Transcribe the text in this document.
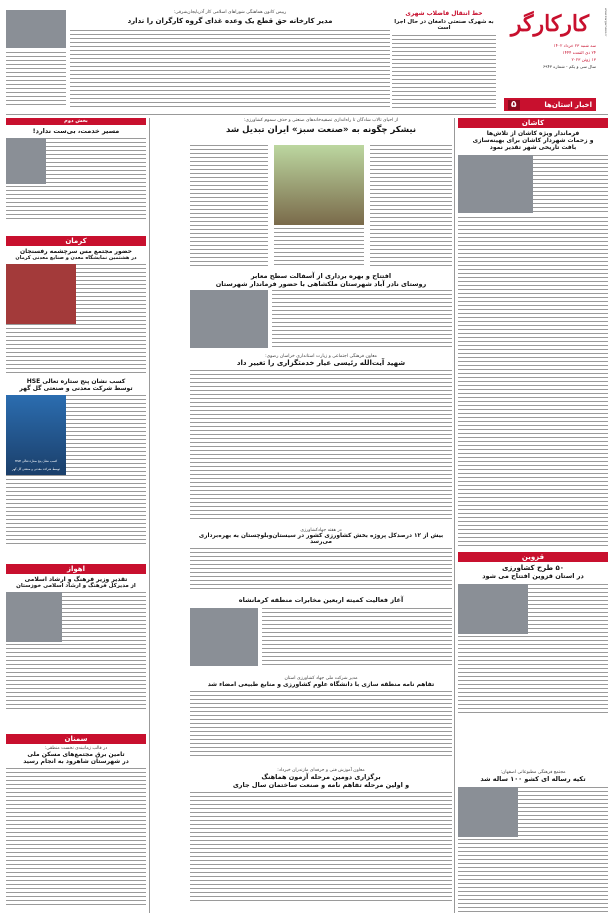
www.kargarnews.ir
کارکارگر
سه شنبه ۲۳ خرداد ۱۴۰۲
۲۴ ذی القعده ۱۴۴۴
۱۳ ژوئن ۲۰۲۳
سال سی و یکم - شماره ۶۹۴۳
اخبار استان‌ها
۵
خط انتقال فاضلاب شهری
به شهرک صنعتی دامغان در حال اجرا است
رییس کانون هماهنگی شوراهای اسلامی کار آذربایجان‌شرقی:
مدیر کارخانه حق قطع یک وعده غذای گروه کارگران را ندارد
کاشان
فرماندار ویژه کاشان از تلاش‌ها
و زحمات شهردار کاشان برای بهینه‌سازی
بافت تاریخی شهر تقدیر نمود
قزوین
۵۰ طرح کشاورزی
در استان قزوین افتتاح می شود
مجتمع فرهنگی مطبوعاتی اصفهان:
تکیه رساله ای کشو ۱۰۰ ساله شد
از احیای تالاب شادگان تا راه‌اندازی تصفیه‌خانه‌های صنعتی و حذف سموم کشاورزی:
نیشکر چگونه به «صنعت سبز» ایران تبدیل شد
افتتاح و بهره برداری از آسفالت سطح معابر
روستای نادر آباد شهرستان ملکشاهی با حضور فرماندار شهرستان
معاون فرهنگی اجتماعی و زیارت استانداری خراسان رضوی:
شهید آیت‌الله رئیسی عیار خدمتگزاری را تغییر داد
در هفته جهادکشاورزی
بیش از ۱۲ درصدکل پروژه بخش کشاورزی کشور در سیستان‌وبلوچستان به بهره‌برداری می‌رسد
آغاز فعالیت کمیته اربعین مخابرات منطقه کرمانشاه
مدیر شرکت ملی جهاد کشاورزی استان
تفاهم نامه منطقه سازی با دانشگاه علوم کشاورزی و منابع طبیعی امضاء شد
معاون آموزش فنی و حرفه‌ای مازندران خبرداد:
برگزاری دومین مرحله آزمون هماهنگ
و اولین مرحله تفاهم نامه و صنعت ساختمان سال جاری
بخش دوم
مسیر خدمت، بی‌ست ندارد!
کرمان
حضور مجتمع مس سرچشمه رفسنجان
در هشتمین نمایشگاه معدن و صنایع معدنی کرمان
کسب نشان پنج ستاره تعالی HSE
توسط شرکت معدنی و صنعتی گل گهر
کسب نشان پنج ستاره تعالی HSE
توسط شرکت معدنی و صنعتی گل گهر
اهواز
تقدیر وزیر فرهنگ و ارشاد اسلامی
از مدیرکل فرهنگ و ارشاد اسلامی خوزستان
سمنان
در قالب زمانبندی نخست منطقی:
تامین برق مجتمع‌های مسکن ملی
در شهرستان شاهرود به انجام رسید
